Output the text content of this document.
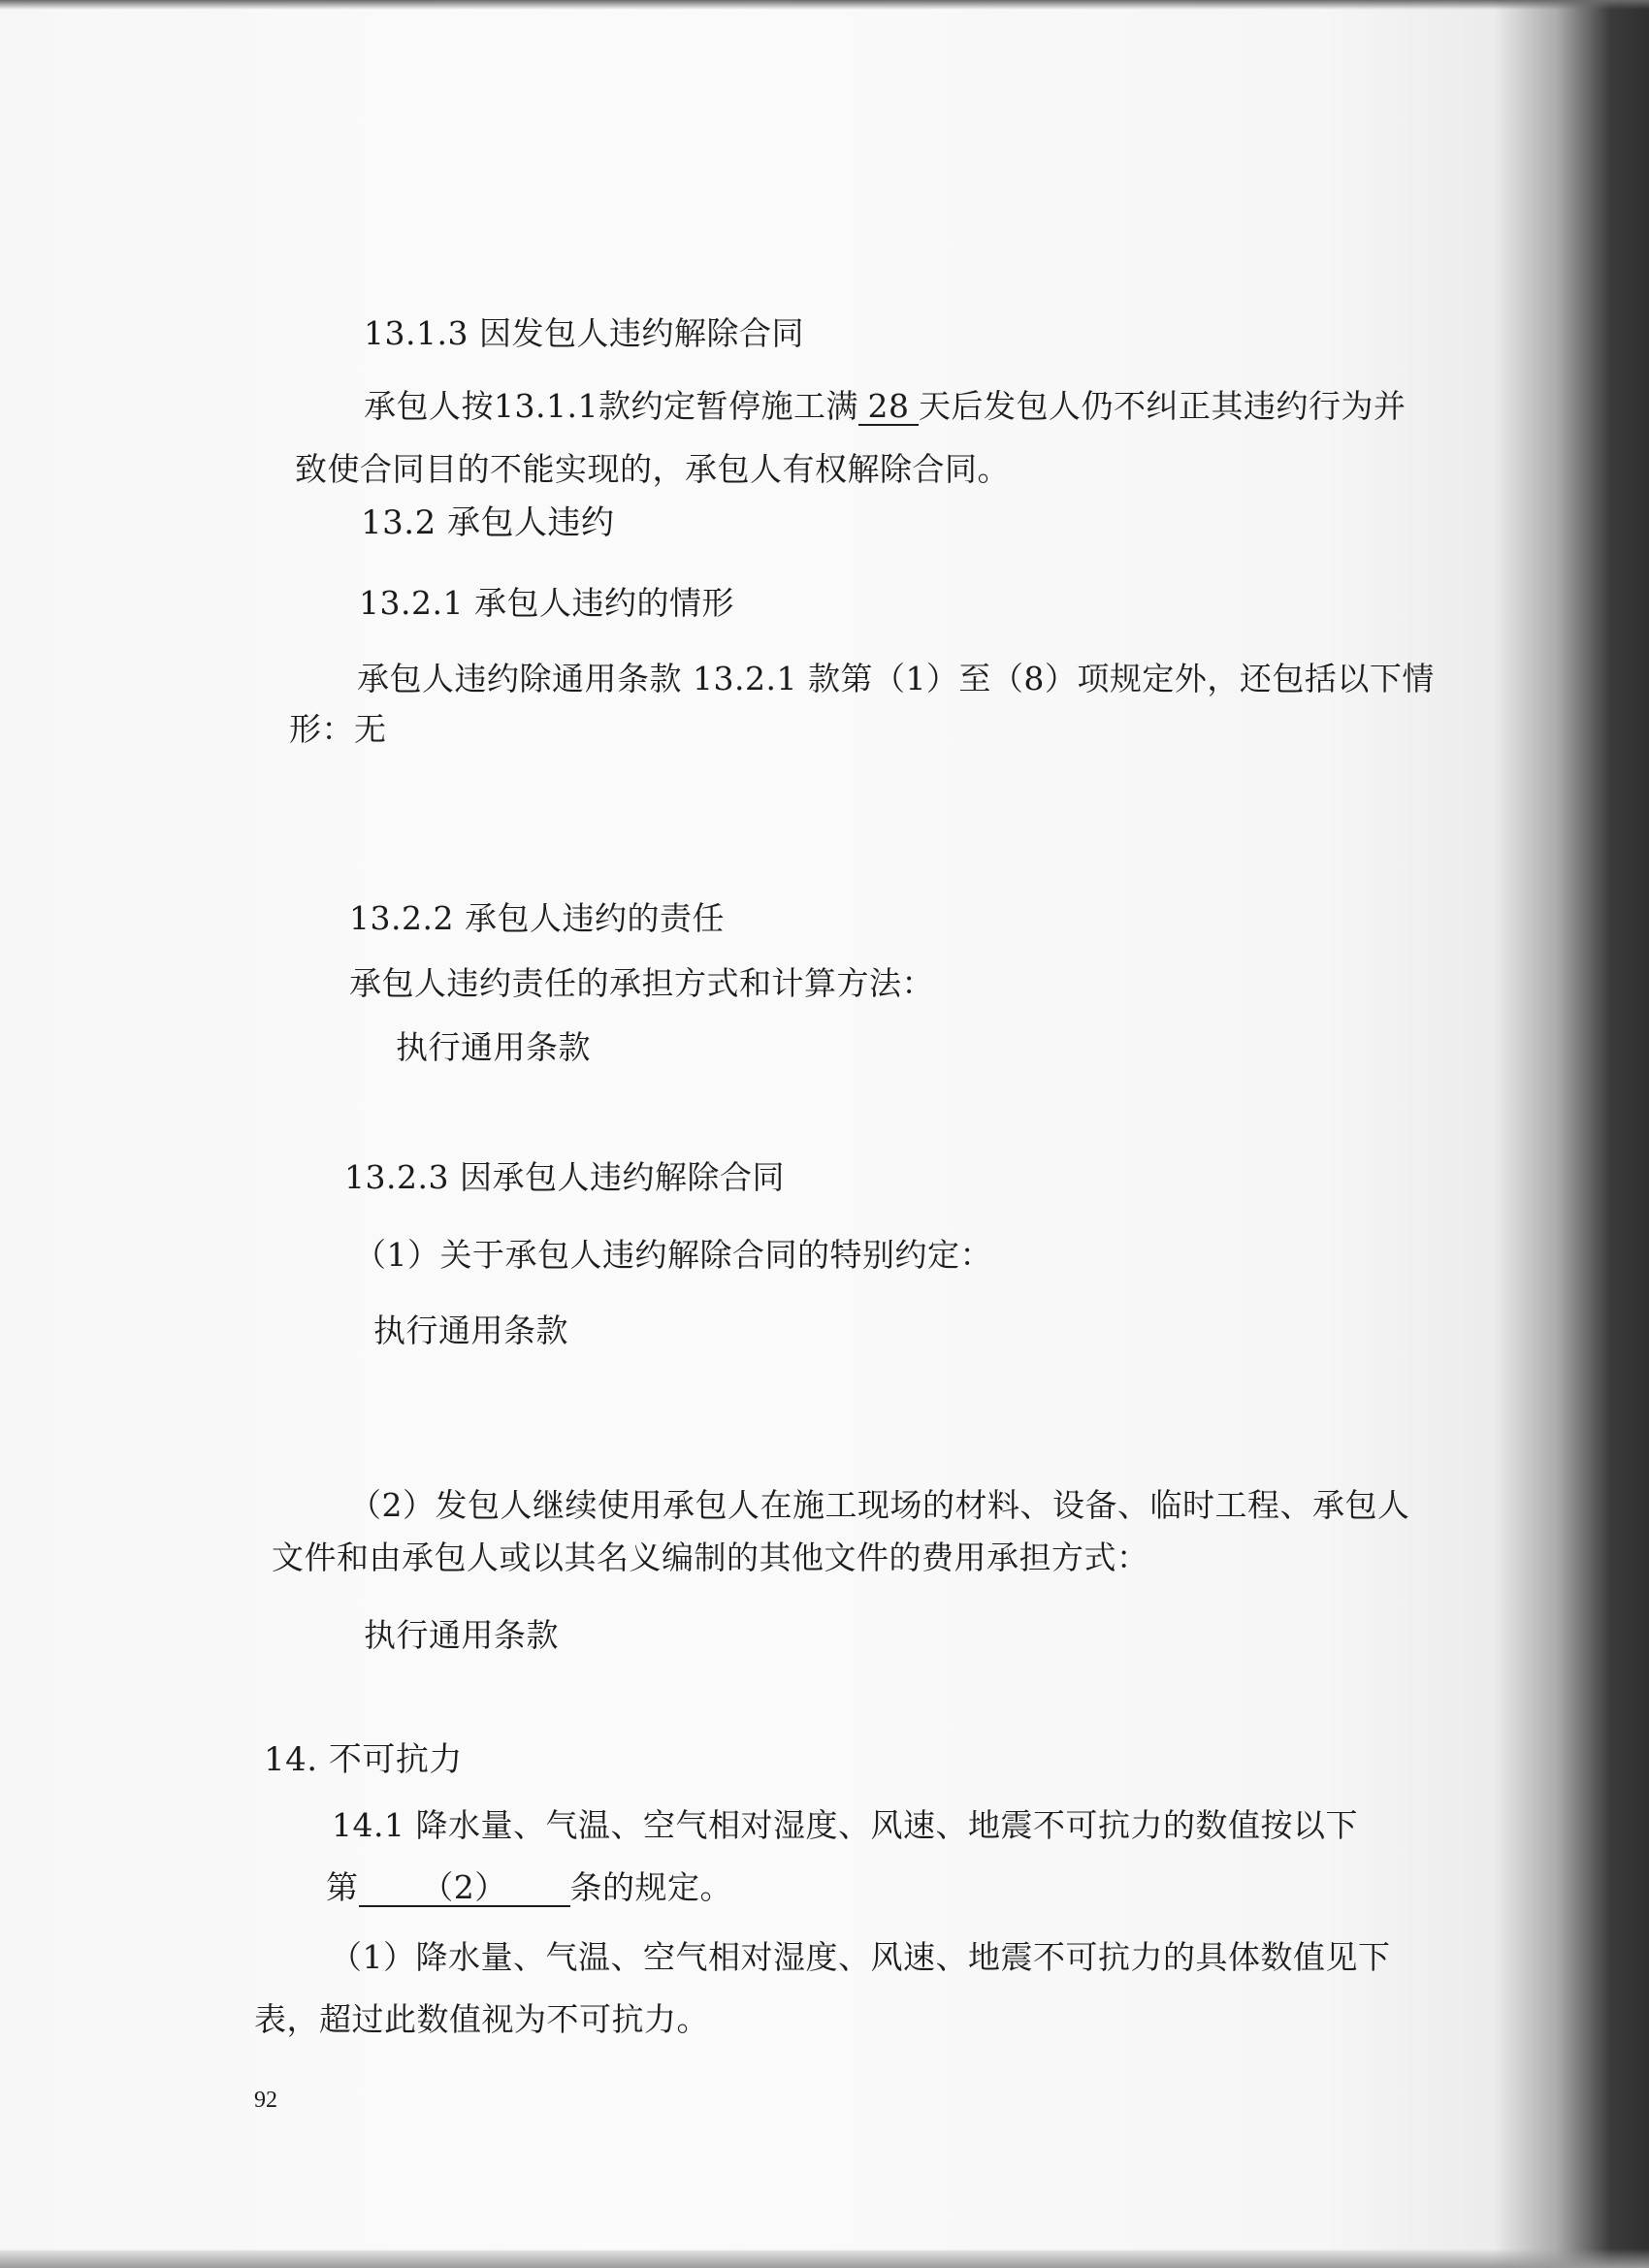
13.1.3 因发包人违约解除合同
承包人按13.1.1款约定暂停施工满 28 天后发包人仍不纠正其违约行为并
致使合同目的不能实现的，承包人有权解除合同。
13.2 承包人违约
13.2.1 承包人违约的情形
承包人违约除通用条款 13.2.1 款第（1）至（8）项规定外，还包括以下情
形：无
13.2.2 承包人违约的责任
承包人违约责任的承担方式和计算方法：
执行通用条款
13.2.3 因承包人违约解除合同
（1）关于承包人违约解除合同的特别约定：
执行通用条款
（2）发包人继续使用承包人在施工现场的材料、设备、临时工程、承包人
文件和由承包人或以其名义编制的其他文件的费用承担方式：
执行通用条款
14. 不可抗力
14.1 降水量、气温、空气相对湿度、风速、地震不可抗力的数值按以下
第 （2） 条的规定。
（1）降水量、气温、空气相对湿度、风速、地震不可抗力的具体数值见下
表，超过此数值视为不可抗力。
92
